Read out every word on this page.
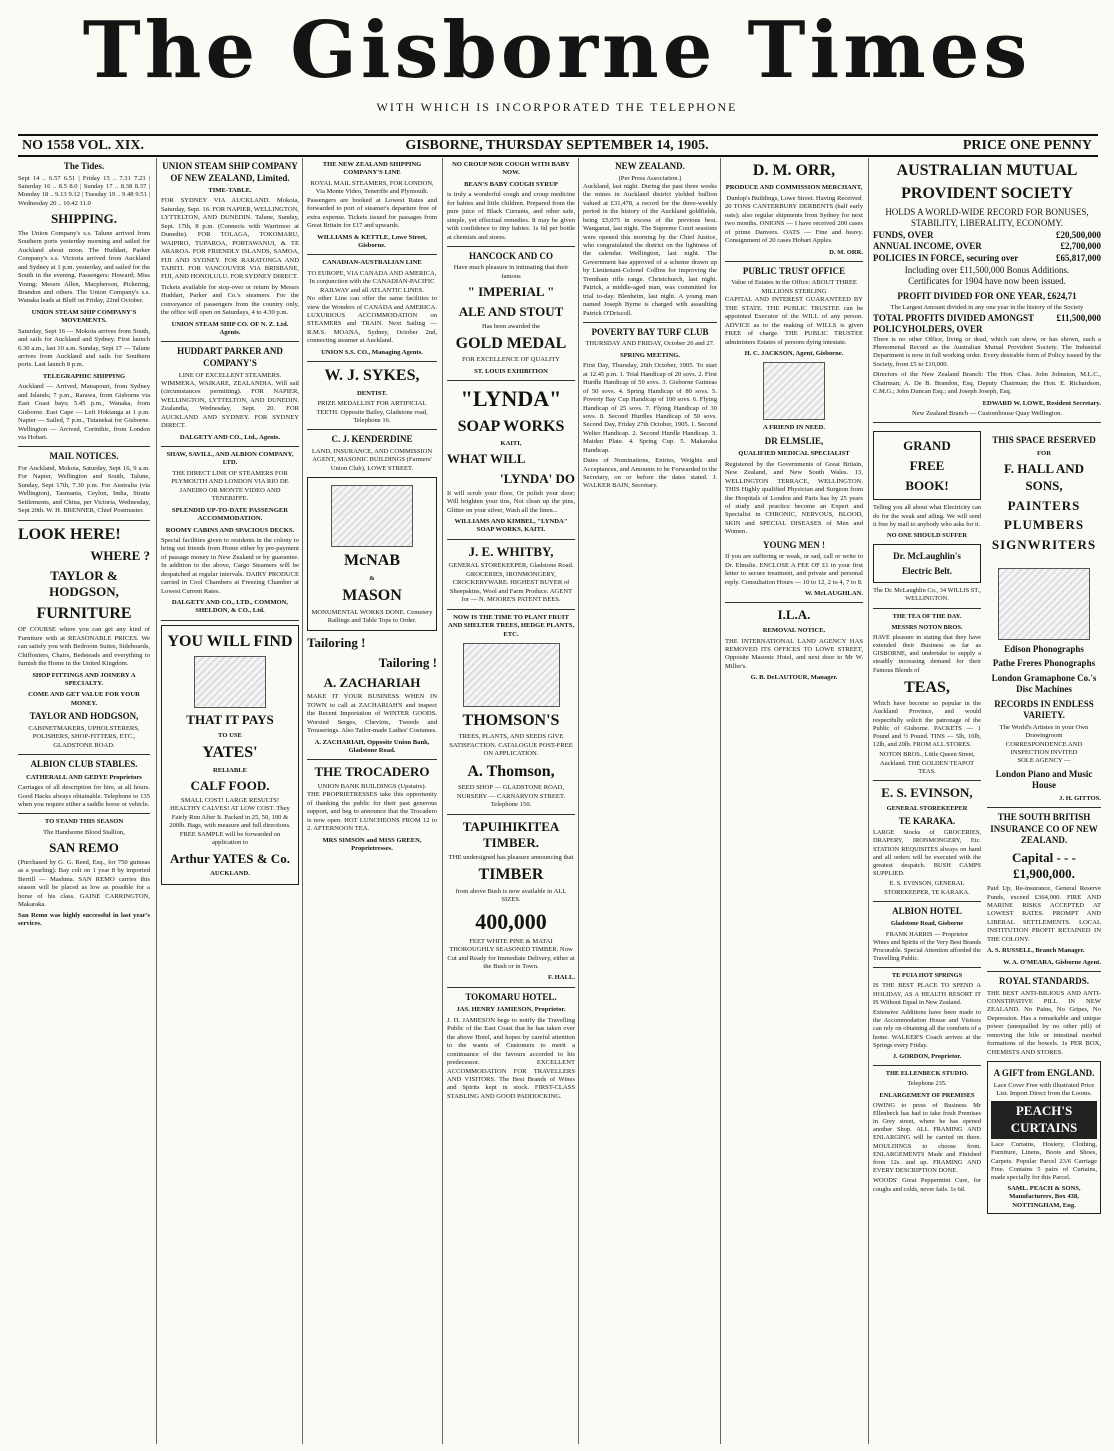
The Gisborne Times
WITH WHICH IS INCORPORATED THE TELEPHONE
NO 1558 VOL. XIX.	GISBORNE, THURSDAY SEPTEMBER 14, 1905.	PRICE ONE PENNY
The Tides.

Sept 14 .. 6.57 6.51 | Friday 15 .. 7.31 7.23 | Saturday 16 .. 8.5 8.0 | Sunday 17 .. 8.38 8.37 | Monday 18 .. 9.13 9.12 | Tuesday 19 .. 9.48 9.51 | Wednesday 20 .. 10.42 11.0

SHIPPING.

The Union Company's s.s. Talune arrived from Southern ports yesterday morning and sailed for Auckland about noon. The Huddart, Parker Company's s.s. Victoria arrived from Auckland and Sydney at 1 p.m. yesterday, and sailed for the South in the evening. Passengers: Howard; Miss Young; Messrs Allen, Macpherson, Pickering, Brandon and others. The Union Company's s.s. Wanaka leads at Bluff on Friday, 22nd October.

UNION STEAM SHIP COMPANY'S MOVEMENTS.

Saturday, Sept 16 — Mokoia arrives from South, and sails for Auckland and Sydney. First launch 6.30 a.m., last 10 a.m. Sunday, Sept 17 — Talune arrives from Auckland and sails for Southern ports. Last launch 8 p.m.

TELEGRAPHIC SHIPPING

Auckland — Arrived, Manapouri, from Sydney and Islands; 7 p.m., Rarawa, from Gisborne via East Coast bays; 5.45 p.m., Wanaka, from Gisborne. East Cape — Left Hokianga at 1 p.m. Napier — Sailed, 7 p.m., Tutanekai for Gisborne. Wellington — Arrived, Corinthic, from London via Hobart.

MAIL NOTICES.

For Auckland, Mokoia, Saturday, Sept 16, 9 a.m. For Napier, Wellington and South, Talune, Sunday, Sept 17th, 7.30 p.m. For Australia (via Wellington), Tasmania, Ceylon, India, Straits Settlements, and China, per Victoria, Wednesday, Sept 20th. W. H. BRENNER, Chief Postmaster.

LOOK HERE!
WHERE ?
TAYLOR & HODGSON,
FURNITURE

OF COURSE where you can get any kind of Furniture with at REASONABLE PRICES. We can satisfy you with Bedroom Suites, Sideboards, Chiffoniers, Chairs, Bedsteads and everything to furnish the Home in the United Kingdom.

SHOP FITTINGS AND JOINERY A SPECIALTY.
COME AND GET VALUE FOR YOUR MONEY.
TAYLOR AND HODGSON,
CABINETMAKERS, UPHOLSTERERS, POLISHERS, SHOP-FITTERS, ETC., GLADSTONE ROAD.
ALBION CLUB STABLES.
CATHERALL AND GEDYE Proprietors

Carriages of all description for hire, at all hours. Good Hacks always obtainable. Telephone to 135 when you require either a saddle horse or vehicle.

TO STAND THIS SEASON
The Handsome Blood Stallion,
SAN REMO

(Purchased by G. G. Reed, Esq., for 750 guineas as a yearling). Bay colt on 1 year 8 by imported Berrill — Mashma. SAN REMO carries this season will be placed as low as possible for a horse of his class. GAINE CARRINGTON, Makaraka.

San Remo was highly successful in last year's services.

UNION STEAM SHIP COMPANY OF NEW ZEALAND, Limited.
TIME-TABLE.

FOR SYDNEY VIA AUCKLAND. Mokoia, Saturday, Sept. 16. FOR NAPIER, WELLINGTON, LYTTELTON, AND DUNEDIN. Talune, Sunday, Sept. 17th, 8 p.m. (Connects with Warrimoo at Dunedin). FOR TOLAGA, TOKOMARU, WAIPIRO, TUPAROA, PORTAWANUI, & TE ARAROA. FOR FRIENDLY ISLANDS, SAMOA, FIJI AND SYDNEY. FOR RARATONGA AND TAHITI. FOR VANCOUVER VIA BRISBANE, FIJI, AND HONOLULU. FOR SYDNEY DIRECT.

Tickets available for stop-over or return by Messrs Huddart, Parker and Co.'s steamers. For the conveyance of passengers from the country only, the office will open on Saturdays, 4 to 4.30 p.m.

UNION STEAM SHIP CO. OF N. Z. Ltd. Agents.
HUDDART PARKER AND COMPANY'S
LINE OF EXCELLENT STEAMERS.

WIMMERA, WAIKARE, ZEALANDIA. Will sail (circumstances permitting). FOR NAPIER, WELLINGTON, LYTTELTON, AND DUNEDIN. Zealandia, Wednesday, Sept. 20. FOR AUCKLAND AND SYDNEY. FOR SYDNEY DIRECT.

DALGETY AND CO., Ltd., Agents.
SHAW, SAVILL, AND ALBION COMPANY, LTD.
THE DIRECT LINE OF STEAMERS FOR PLYMOUTH AND LONDON VIA RIO DE JANEIRO OR MONTE VIDEO AND TENERIFFE.
SPLENDID UP-TO-DATE PASSENGER ACCOMMODATION.
ROOMY CABINS AND SPACIOUS DECKS.

Special facilities given to residents in the colony to bring out friends from Home either by pre-payment of passage money in New Zealand or by guarantee. In addition to the above, Cargo Steamers will be despatched at regular intervals. DAIRY PRODUCE carried in Cool Chambers at Freezing Chamber at Lowest Current Rates.

DALGETY AND CO., LTD., COMMON, SHELDON, & CO., Ltd.
YOU WILL FIND
THAT IT PAYS
TO USE
YATES'
RELIABLE
CALF FOOD.

SMALL COST! LARGE RESULTS! HEALTHY CALVES! AT LOW COST. They Fairly Run After It. Packed in 25, 50, 100 & 200lb. Bags, with measure and full directions. FREE SAMPLE will be forwarded on application to

Arthur YATES & Co.
AUCKLAND.
THE NEW ZEALAND SHIPPING COMPANY'S LINE
ROYAL MAIL STEAMERS, FOR LONDON, Via Monte Video, Teneriffe and Plymouth.

Passengers are booked at Lowest Rates and forwarded to port of steamer's departure free of extra expense. Tickets issued for passages from Great Britain for £17 and upwards.

WILLIAMS & KETTLE, Lowe Street, Gisborne.
CANADIAN-AUSTRALIAN LINE
TO EUROPE, VIA CANADA AND AMERICA, In conjunction with the CANADIAN-PACIFIC RAILWAY and all ATLANTIC LINES.

No other Line can offer the same facilities to view the Wonders of CANADA and AMERICA. LUXURIOUS ACCOMMODATION on STEAMERS and TRAIN. Next Sailing — R.M.S. MOANA, Sydney, October 2nd, connecting steamer at Auckland.

UNION S.S. CO., Managing Agents.
W. J. SYKES,
DENTIST.

PRIZE MEDALLIST FOR ARTIFICIAL TEETH. Opposite Bailey, Gladstone road, Telephone 16.

C. J. KENDERDINE

LAND, INSURANCE, AND COMMISSION AGENT, MASONIC BUILDINGS (Farmers' Union Club), LOWE STREET.

McNAB
&
MASON

MONUMENTAL WORKS DONE. Cemetery Railings and Table Tops to Order.

Tailoring !
Tailoring !
A. ZACHARIAH

MAKE IT YOUR BUSINESS WHEN IN TOWN to call at ZACHARIAH'S and inspect the Recent Importation of WINTER GOODS. Worsted Serges, Cheviots, Tweeds and Trouserings. Also Tailor-made Ladies' Costumes.

A. ZACHARIAH, Opposite Union Bank, Gladstone Road.
THE TROCADERO
UNION BANK BUILDINGS (Upstairs).

THE PROPRIETRESSES take this opportunity of thanking the public for their past generous support, and beg to announce that the Trocadero is now open. HOT LUNCHEONS FROM 12 to 2. AFTERNOON TEA.

MRS SIMSON and MISS GREEN, Proprietresses.
NO CROUP NOR COUGH WITH BABY NOW.
BEAN'S BABY COUGH SYRUP

is truly a wonderful cough and croup medicine for babies and little children. Prepared from the pure juice of Black Currants, and other safe, simple, yet effectual remedies. It may be given with confidence to tiny babies. 1s 6d per bottle at chemists and stores.

HANCOCK AND CO
Have much pleasure in intimating that their famous
" IMPERIAL "
ALE AND STOUT
Has been awarded the
GOLD MEDAL
FOR EXCELLENCE OF QUALITY
ST. LOUIS EXHIBITION
"LYNDA"
SOAP WORKS
KAITI,
WHAT WILL
'LYNDA' DO

It will scrub your floor, Or polish your door; Will brighten your tins, Not clean up the pins, Glitter on your silver, Wash all the linen...

WILLIAMS AND KIMBEL, "LYNDA" SOAP WORKS, KAITI.
J. E. WHITBY,

GENERAL STOREKEEPER, Gladstone Road. GROCERIES, IRONMONGERY, CROCKERYWARE. HIGHEST BUYER of Sheepskins, Wool and Farm Produce. AGENT for — N. MOORE'S PATENT BEES.

NOW IS THE TIME TO PLANT FRUIT AND SHELTER TREES, HEDGE PLANTS, ETC.
THOMSON'S

TREES, PLANTS, AND SEEDS GIVE SATISFACTION. CATALOGUE POST-FREE ON APPLICATION.

A. Thomson,

SEED SHOP — GLADSTONE ROAD, NURSERY — CARNARVON STREET. Telephone 150.

TAPUIHIKITEA TIMBER.

THE undersigned has pleasure announcing that

TIMBER
from above Bush is now available in ALL SIZES.
400,000

FEET WHITE PINE & MATAI THOROUGHLY SEASONED TIMBER. Now Cut and Ready for Immediate Delivery, either at the Bush or in Town.

F. HALL.
TOKOMARU HOTEL.
JAS. HENRY JAMIESON, Proprietor.

J. H. JAMIESON begs to notify the Travelling Public of the East Coast that he has taken over the above Hotel, and hopes by careful attention to the wants of Customers to merit a continuance of the favours accorded to his predecessor. EXCELLENT ACCOMMODATION FOR TRAVELLERS AND VISITORS. The Best Brands of Wines and Spirits kept in stock. FIRST-CLASS STABLING AND GOOD PADDOCKING.

NEW ZEALAND.
(Per Press Association.)

Auckland, last night. During the past three weeks the mines in Auckland district yielded bullion valued at £31,478, a record for the three-weekly period in the history of the Auckland goldfields, being £5,075 in excess of the previous best. Wanganui, last night. The Supreme Court sessions were opened this morning by the Chief Justice, who congratulated the district on the lightness of the calendar. Wellington, last night. The Government has approved of a scheme drawn up by Lieutenant-Colonel Collins for improving the Trentham rifle range. Christchurch, last night. Patrick, a middle-aged man, was committed for trial to-day. Blenheim, last night. A young man named Joseph Byrne is charged with assaulting Patrick O'Driscoll.

POVERTY BAY TURF CLUB
THURSDAY AND FRIDAY, October 26 and 27.
SPRING MEETING.

First Day, Thursday, 26th October, 1905. To start at 12.45 p.m. 1. Trial Handicap of 20 sovs. 2. First Hurdle Handicap of 50 sovs. 3. Gisborne Guineas of 50 sovs. 4. Spring Handicap of 80 sovs. 5. Poverty Bay Cup Handicap of 100 sovs. 6. Flying Handicap of 25 sovs. 7. Flying Handicap of 30 sovs. 8. Second Hurdles Handicap of 50 sovs. Second Day, Friday 27th October, 1905. 1. Second Welter Handicap. 2. Second Hurdle Handicap. 3. Maiden Plate. 4. Spring Cup. 5. Makaraka Handicap.

Dates of Nominations, Entries, Weights and Acceptances, and Amounts to be Forwarded to the Secretary, on or before the dates stated. J. WALKER BAIN, Secretary.

D. M. ORR,
PRODUCE AND COMMISSION MERCHANT,
Dunlop's Buildings, Lowe Street. Having Received

20 TONS CANTERBURY DERBENTS (half early oats); also regular shipments from Sydney for next two months. ONIONS — I have received 200 cases of prime Danvers. OATS — Fine and heavy. Consignment of 20 cases Hobart Apples.

D. M. ORR.
PUBLIC TRUST OFFICE
Value of Estates in the Office: ABOUT THREE MILLIONS STERLING

CAPITAL AND INTEREST GUARANTEED BY THE STATE. THE PUBLIC TRUSTEE can be appointed Executor of the WILL of any person. ADVICE as to the making of WILLS is given FREE of charge. THE PUBLIC TRUSTEE administers Estates of persons dying intestate.

H. C. JACKSON, Agent, Gisborne.
A FRIEND IN NEED.
DR ELMSLIE,
QUALIFIED MEDICAL SPECIALIST

Registered by the Governments of Great Britain, New Zealand, and New South Wales. 13, WELLINGTON TERRACE, WELLINGTON. THIS Highly qualified Physician and Surgeon from the Hospitals of London and Paris has by 25 years of study and practice become an Expert and Specialist in CHRONIC, NERVOUS, BLOOD, SKIN and SPECIAL DISEASES of Men and Women.

YOUNG MEN !

If you are suffering or weak, or sad, call or write to Dr. Elmslie. ENCLOSE A FEE OF £1 in your first letter to secure treatment, and private and personal reply. Consultation Hours — 10 to 12, 2 to 4, 7 to 8.

W. McLAUGHLAN.
I.L.A.
REMOVAL NOTICE.

THE INTERNATIONAL LAND AGENCY HAS REMOVED ITS OFFICES TO LOWE STREET, Opposite Masonic Hotel, and next door to Mr W. Miller's.

G. B. DeLAUTOUR, Manager.
AUSTRALIAN MUTUAL
PROVIDENT SOCIETY
HOLDS A WORLD-WIDE RECORD FOR BONUSES, STABILITY, LIBERALITY, ECONOMY.
FUNDS, OVER	£20,500,000
ANNUAL INCOME, OVER	£2,700,000
POLICIES IN FORCE, securing over	£65,817,000
Including over £11,500,000 Bonus Additions.
Certificates for 1904 have now been issued.
PROFIT DIVIDED FOR ONE YEAR, £624,71
The Largest Amount divided in any one year in the history of the Society
TOTAL PROFITS DIVIDED AMONGST POLICYHOLDERS, OVER
£11,500,000

There is no other Office, living or dead, which can show, or has shown, such a Phenomenal Record as the Australian Mutual Provident Society. The Industrial Department is now in full working order. Every desirable form of Policy issued by the Society, from £5 to £10,000.

Directors of the New Zealand Branch: The Hon. Chas. John Johnston, M.L.C., Chairman; A. De B. Brandon, Esq, Deputy Chairman; the Hon. E. Richardson, C.M.G.; John Duncan Esq.; and Joseph Joseph, Esq.

EDWARD W. LOWE, Resident Secretary.
New Zealand Branch — Customhouse Quay Wellington.
GRAND
FREE
BOOK!

Telling you all about what Electricity can do for the weak and ailing. We will send it free by mail to anybody who asks for it.

NO ONE SHOULD SUFFER
Dr. McLaughlin's
Electric Belt.

The Dr. McLaughlin Co., 34 WILLIS ST., WELLINGTON.

THE TEA OF THE DAY.
MESSRS NOTON BROS.

HAVE pleasure in stating that they have extended their Business as far as GISBORNE, and undertake to supply a steadily increasing demand for their Famous Blends of

TEAS,

Which have become so popular in the Auckland Province, and would respectfully solicit the patronage of the Public of Gisborne. PACKETS — 1 Pound and ½ Pound. TINS — 5lb, 10lb, 12lb, and 20lb. FROM ALL STORES.

NOTON BROS., Little Queen Street, Auckland. THE GOLDEN TEAPOT TEAS.

E. S. EVINSON,
GENERAL STOREKEEPER
TE KARAKA.

LARGE Stocks of GROCERIES, DRAPERY, IRONMONGERY, Etc. STATION REQUISITES always on hand and all orders will be executed with the greatest despatch. BUSH CAMPS SUPPLIED.

E. S. EVINSON, GENERAL STOREKEEPER, TE KARAKA.

ALBION HOTEL
Gladstone Road, Gisborne
FRANK HARRIS — Proprietor

Wines and Spirits of the Very Best Brands Procurable. Special Attention afforded the Travelling Public.

TE PUIA HOT SPRINGS

IS THE BEST PLACE TO SPEND A HOLIDAY, AS A HEALTH RESORT IT IS Without Equal in New Zealand.

Extensive Additions have been made to the Accommodation House and Visitors can rely on obtaining all the comforts of a home. WALKER'S Coach arrives at the Springs every Friday.

J. GORDON, Proprietor.
THE ELLENBECK STUDIO.
Telephone 235.
ENLARGEMENT OF PREMISES

OWING to press of Business Mr Ellenbeck has had to take fresh Premises in Grey street, where he has opened another Shop. ALL FRAMING AND ENLARGING will be carried on there. MOULDINGS to choose from. ENLARGEMENTS Made and Finished from 12s. and up. FRAMING AND EVERY DESCRIPTION DONE.

WOODS' Great Peppermint Cure, for coughs and colds, never fails. 1s 6d.

THIS SPACE RESERVED
FOR
F. HALL AND SONS,
PAINTERS
PLUMBERS
SIGNWRITERS
Edison Phonographs
Pathe Freres Phonographs
London Gramaphone Co.'s Disc Machines
RECORDS IN ENDLESS VARIETY.
The World's Artistes in your Own Drawingroom
CORRESPONDENCE AND INSPECTION INVITED
SOLE AGENCY —
London Piano and Music House
J. H. GITTOS.
THE SOUTH BRITISH INSURANCE CO OF NEW ZEALAND.
Capital - - - £1,900,000.

Paid Up, Re-insurance, General Reserve Funds, exceed £364,000. FIRE AND MARINE RISKS ACCEPTED AT LOWEST RATES. PROMPT AND LIBERAL SETTLEMENTS. LOCAL INSTITUTION PROFIT RETAINED IN THE COLONY.

A. S. RUSSELL, Branch Manager.
W. A. O'MEARA, Gisborne Agent.
ROYAL STANDARDS.

THE BEST ANTI-BILIOUS AND ANTI-CONSTIPATIVE PILL IN NEW ZEALAND. No Pains, No Gripes, No Depression. Has a remarkable and unique power (unequalled by no other pill) of removing the bile or intestinal morbid formations of the bowels. 1s PER BOX, CHEMISTS AND STORES.

A GIFT from ENGLAND.
Lace Cover Free with illustrated Price List. Import Direct from the Looms.
PEACH'S CURTAINS

Lace Curtains, Hosiery, Clothing, Furniture, Linens, Boots and Shoes, Carpets. Popular Parcel 23/6 Carriage Free. Contains 5 pairs of Curtains, made specially for this Parcel.

SAML. PEACH & SONS, Manufacturers, Box 438, NOTTINGHAM, Eng.
